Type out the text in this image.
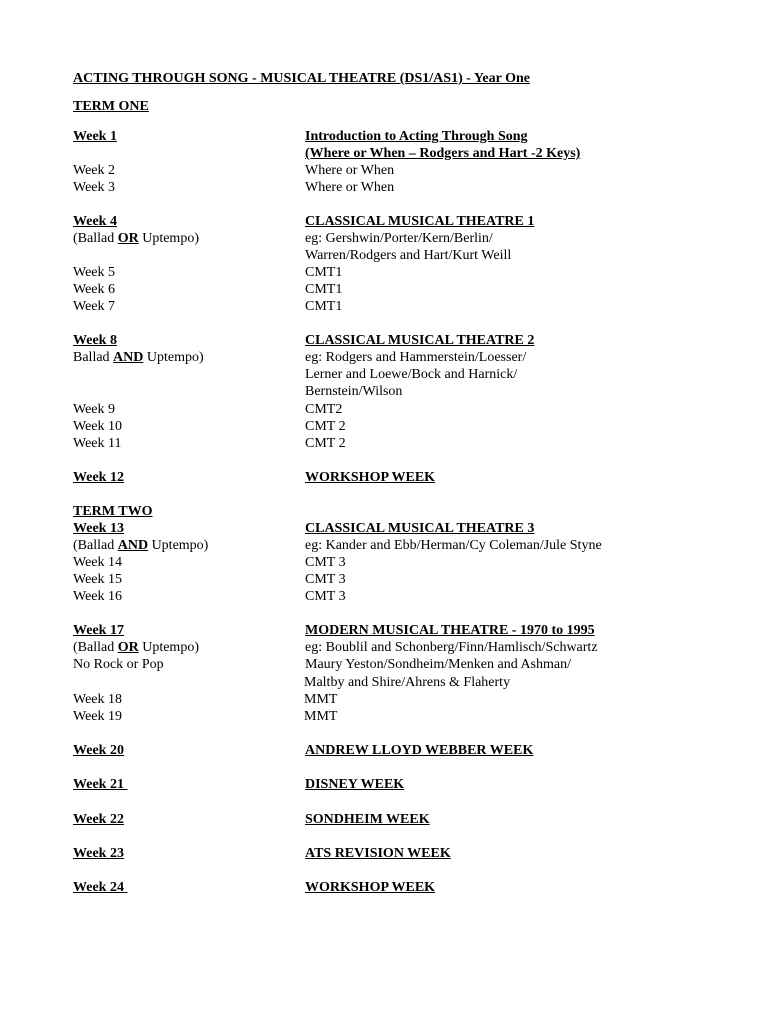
ACTING THROUGH SONG - MUSICAL THEATRE (DS1/AS1) - Year One
TERM ONE
Week 1	Introduction to Acting Through Song
(Where or When – Rodgers and Hart -2 Keys)
Week 2	Where or When
Week 3	Where or When
Week 4	CLASSICAL MUSICAL THEATRE 1
(Ballad OR Uptempo)	eg: Gershwin/Porter/Kern/Berlin/
Warren/Rodgers and Hart/Kurt Weill
Week 5	CMT1
Week 6	CMT1
Week 7	CMT1
Week 8	CLASSICAL MUSICAL THEATRE 2
Ballad AND Uptempo)	eg: Rodgers and Hammerstein/Loesser/
Lerner and Loewe/Bock and Harnick/
Bernstein/Wilson
Week 9	CMT2
Week 10	CMT 2
Week 11	CMT 2
Week 12	WORKSHOP WEEK
TERM TWO
Week 13	CLASSICAL MUSICAL THEATRE 3
(Ballad AND Uptempo)	eg: Kander and Ebb/Herman/Cy Coleman/Jule Styne
Week 14	CMT 3
Week 15	CMT 3
Week 16	CMT 3
Week 17	MODERN MUSICAL THEATRE - 1970 to 1995
(Ballad OR Uptempo)	eg: Boublil and Schonberg/Finn/Hamlisch/Schwartz
No Rock or Pop	Maury Yeston/Sondheim/Menken and Ashman/
Maltby and Shire/Ahrens & Flaherty
Week 18	MMT
Week 19	MMT
Week 20	ANDREW LLOYD WEBBER WEEK
Week 21	DISNEY WEEK
Week 22	SONDHEIM WEEK
Week 23	ATS REVISION WEEK
Week 24	WORKSHOP WEEK
